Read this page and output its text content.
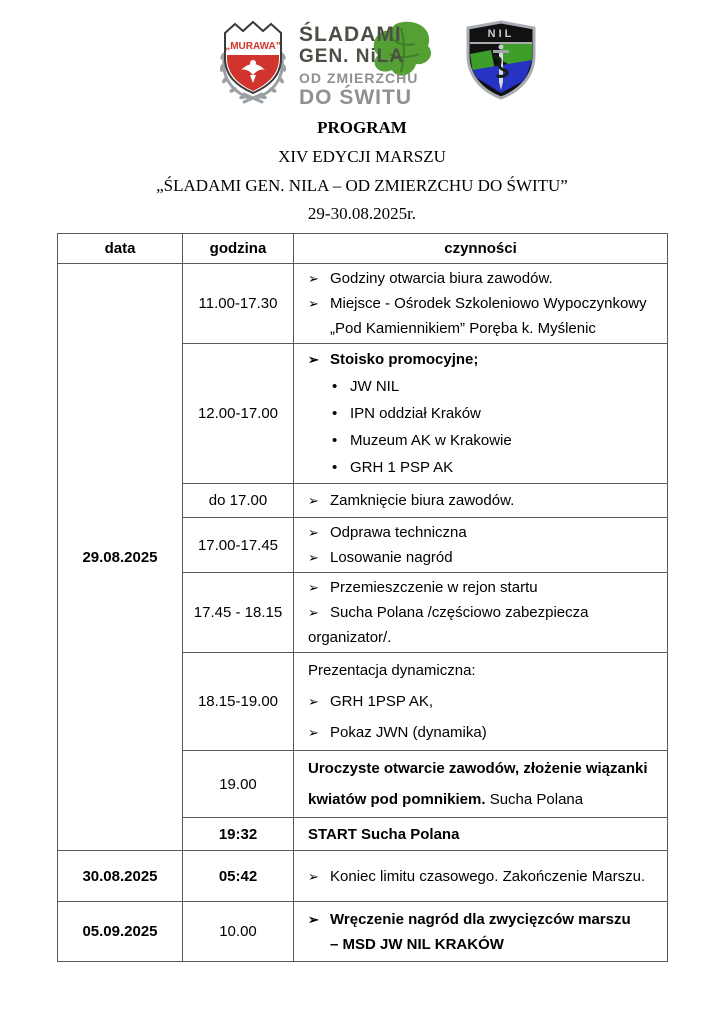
„MURAWA”
ŚLADAMI
GEN. NiLA
OD ZMIERZCHU
DO ŚWITU
NIL
PROGRAM
XIV EDYCJI MARSZU
„ŚLADAMI GEN. NILA – OD ZMIERZCHU DO ŚWITU”
29-30.08.2025r.
data	godzina	czynności
29.08.2025	11.00-17.30	➢ Godziny otwarcia biura zawodów.
➢ Miejsce - Ośrodek Szkoleniowo Wypoczynkowy
„Pod Kamiennikiem” Poręba k. Myślenic

	12.00-17.00	➢ Stoisko promocyjne;
• JW NIL
• IPN oddział Kraków
• Muzeum AK w Krakowie
• GRH 1 PSP AK

	do 17.00	➢ Zamknięcie biura zawodów.

	17.00-17.45	➢ Odprawa techniczna
➢ Losowanie nagród

	17.45 - 18.15	➢ Przemieszczenie w rejon startu
➢ Sucha Polana /częściowo zabezpiecza organizator/.

	18.15-19.00	Prezentacja dynamiczna:
➢ GRH 1PSP AK,
➢ Pokaz JWN (dynamika)

	19.00	Uroczyste otwarcie zawodów, złożenie wiązanki
kwiatów pod pomnikiem. Sucha Polana

	19:32	START Sucha Polana

30.08.2025	05:42	➢ Koniec limitu czasowego. Zakończenie Marszu.

05.09.2025	10.00	➢ Wręczenie nagród dla zwycięzców marszu
– MSD JW NIL KRAKÓW
